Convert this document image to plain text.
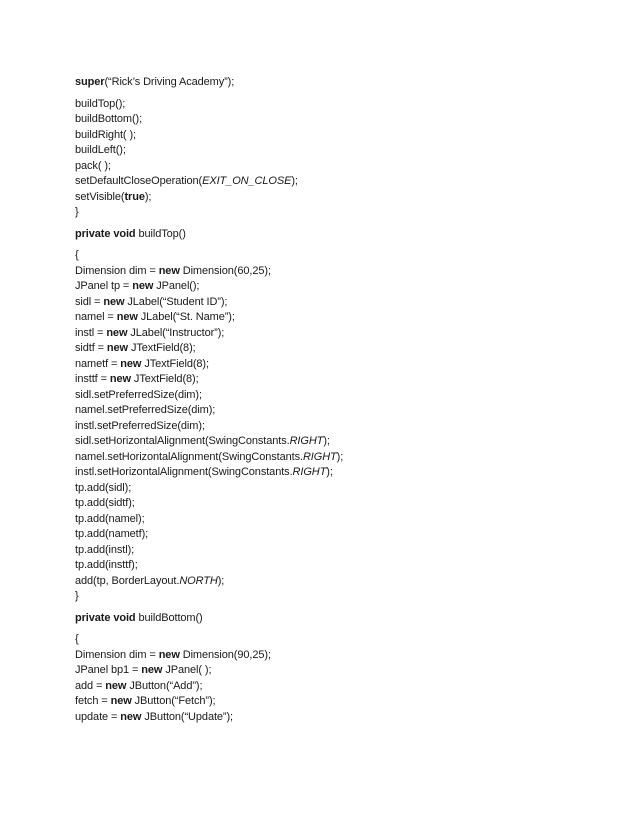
super(“Rick’s Driving Academy”);
buildTop();
buildBottom();
buildRight( );
buildLeft();
pack( );
setDefaultCloseOperation(EXIT_ON_CLOSE);
setVisible(true);
}
private void buildTop()
{
Dimension dim = new Dimension(60,25);
JPanel tp = new JPanel();
sidl = new JLabel(“Student ID”);
namel = new JLabel(“St. Name”);
instl = new JLabel(“Instructor”);
sidtf = new JTextField(8);
nametf = new JTextField(8);
insttf = new JTextField(8);
sidl.setPreferredSize(dim);
namel.setPreferredSize(dim);
instl.setPreferredSize(dim);
sidl.setHorizontalAlignment(SwingConstants.RIGHT);
namel.setHorizontalAlignment(SwingConstants.RIGHT);
instl.setHorizontalAlignment(SwingConstants.RIGHT);
tp.add(sidl);
tp.add(sidtf);
tp.add(namel);
tp.add(nametf);
tp.add(instl);
tp.add(insttf);
add(tp, BorderLayout.NORTH);
}
private void buildBottom()
{
Dimension dim = new Dimension(90,25);
JPanel bp1 = new JPanel( );
add = new JButton(“Add”);
fetch = new JButton(“Fetch”);
update = new JButton(“Update”);
